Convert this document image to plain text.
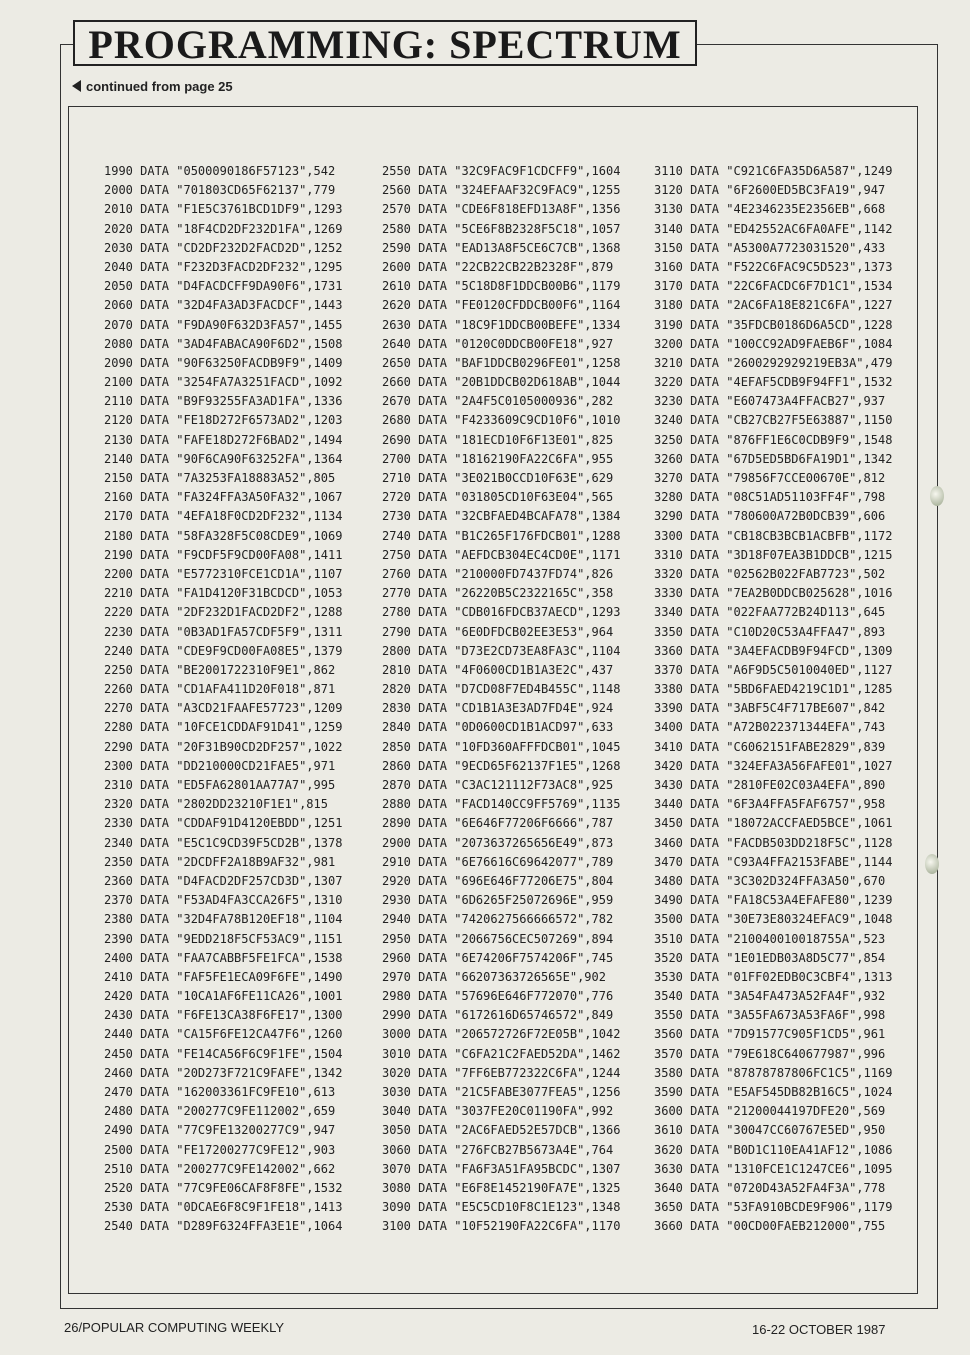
PROGRAMMING: SPECTRUM
continued from page 25
1990 DATA "0500090186F57123",542
2000 DATA "701803CD65F62137",779
2010 DATA "F1E5C3761BCD1DF9",1293
2020 DATA "18F4CD2DF232D1FA",1269
2030 DATA "CD2DF232D2FACD2D",1252
2040 DATA "F232D3FACD2DF232",1295
2050 DATA "D4FACDCFF9DA90F6",1731
2060 DATA "32D4FA3AD3FACDCF",1443
2070 DATA "F9DA90F632D3FA57",1455
2080 DATA "3AD4FABACA90F6D2",1508
2090 DATA "90F63250FACDB9F9",1409
2100 DATA "3254FA7A3251FACD",1092
2110 DATA "B9F93255FA3AD1FA",1336
2120 DATA "FE18D272F6573AD2",1203
2130 DATA "FAFE18D272F6BAD2",1494
2140 DATA "90F6CA90F63252FA",1364
2150 DATA "7A3253FA18883A52",805
2160 DATA "FA324FFA3A50FA32",1067
2170 DATA "4EFA18F0CD2DF232",1134
2180 DATA "58FA328F5C08CDE9",1069
2190 DATA "F9CDF5F9CD00FA08",1411
2200 DATA "E5772310FCE1CD1A",1107
2210 DATA "FA1D4120F31BCDCD",1053
2220 DATA "2DF232D1FACD2DF2",1288
2230 DATA "0B3AD1FA57CDF5F9",1311
2240 DATA "CDE9F9CD00FA08E5",1379
2250 DATA "BE2001722310F9E1",862
2260 DATA "CD1AFA411D20F018",871
2270 DATA "A3CD21FAAFE57723",1209
2280 DATA "10FCE1CDDAF91D41",1259
2290 DATA "20F31B90CD2DF257",1022
2300 DATA "DD210000CD21FAE5",971
2310 DATA "ED5FA62801AA77A7",995
2320 DATA "2802DD23210F1E1",815
2330 DATA "CDDAF91D4120EBDD",1251
2340 DATA "E5C1C9CD39F5CD2B",1378
2350 DATA "2DCDFF2A18B9AF32",981
2360 DATA "D4FACD2DF257CD3D",1307
2370 DATA "F53AD4FA3CCA26F5",1310
2380 DATA "32D4FA78B120EF18",1104
2390 DATA "9EDD218F5CF53AC9",1151
2400 DATA "FAA7CABBF5FE1FCA",1538
2410 DATA "FAF5FE1ECA09F6FE",1490
2420 DATA "10CA1AF6FE11CA26",1001
2430 DATA "F6FE13CA38F6FE17",1300
2440 DATA "CA15F6FE12CA47F6",1260
2450 DATA "FE14CA56F6C9F1FE",1504
2460 DATA "20D273F721C9FAFE",1342
2470 DATA "162003361FC9FE10",613
2480 DATA "200277C9FE112002",659
2490 DATA "77C9FE13200277C9",947
2500 DATA "FE17200277C9FE12",903
2510 DATA "200277C9FE142002",662
2520 DATA "77C9FE06CAF8F8FE",1532
2530 DATA "0DCAE6F8C9F1FE18",1413
2540 DATA "D289F6324FFA3E1E",1064
2550 DATA "32C9FAC9F1CDCFF9",1604
2560 DATA "324EFAAF32C9FAC9",1255
2570 DATA "CDE6F818EFD13A8F",1356
2580 DATA "5CE6F8B2328F5C18",1057
2590 DATA "EAD13A8F5CE6C7CB",1368
2600 DATA "22CB22CB22B2328F",879
2610 DATA "5C18D8F1DDCB00B6",1179
2620 DATA "FE0120CFDDCB00F6",1164
2630 DATA "18C9F1DDCB00BEFE",1334
2640 DATA "0120C0DDCB00FE18",927
2650 DATA "BAF1DDCB0296FE01",1258
2660 DATA "20B1DDCB02D618AB",1044
2670 DATA "2A4F5C0105000936",282
2680 DATA "F4233609C9CD10F6",1010
2690 DATA "181ECD10F6F13E01",825
2700 DATA "18162190FA22C6FA",955
2710 DATA "3E021B0CCD10F63E",629
2720 DATA "031805CD10F63E04",565
2730 DATA "32CBFAED4BCAFA78",1384
2740 DATA "B1C265F176FDCB01",1288
2750 DATA "AEFDCB304EC4CD0E",1171
2760 DATA "210000FD7437FD74",826
2770 DATA "26220B5C2322165C",358
2780 DATA "CDB016FDCB37AECD",1293
2790 DATA "6E0DFDCB02EE3E53",964
2800 DATA "D73E2CD73EA8FA3C",1104
2810 DATA "4F0600CD1B1A3E2C",437
2820 DATA "D7CD08F7ED4B455C",1148
2830 DATA "CD1B1A3E3AD7FD4E",924
2840 DATA "0D0600CD1B1ACD97",633
2850 DATA "10FD360AFFFDCB01",1045
2860 DATA "9ECD65F62137F1E5",1268
2870 DATA "C3AC121112F73AC8",925
2880 DATA "FACD140CC9FF5769",1135
2890 DATA "6E646F77206F6666",787
2900 DATA "2073637265656E49",873
2910 DATA "6E76616C69642077",789
2920 DATA "696E646F77206E75",804
2930 DATA "6D6265F25072696E",959
2940 DATA "7420627566666572",782
2950 DATA "2066756CEC507269",894
2960 DATA "6E74206F7574206F",745
2970 DATA "66207363726565E",902
2980 DATA "57696E646F772070",776
2990 DATA "6172616D65746572",849
3000 DATA "206572726F72E05B",1042
3010 DATA "C6FA21C2FAED52DA",1462
3020 DATA "7FF6EB772322C6FA",1244
3030 DATA "21C5FABE3077FEA5",1256
3040 DATA "3037FE20C01190FA",992
3050 DATA "2AC6FAED52E57DCB",1366
3060 DATA "276FCB27B5673A4E",764
3070 DATA "FA6F3A51FA95BCDC",1307
3080 DATA "E6F8E1452190FA7E",1325
3090 DATA "E5C5CD10F8C1E123",1348
3100 DATA "10F52190FA22C6FA",1170
3110 DATA "C921C6FA35D6A587",1249
3120 DATA "6F2600ED5BC3FA19",947
3130 DATA "4E2346235E2356EB",668
3140 DATA "ED42552AC6FA0AFE",1142
3150 DATA "A5300A7723031520",433
3160 DATA "F522C6FAC9C5D523",1373
3170 DATA "22C6FACDC6F7D1C1",1534
3180 DATA "2AC6FA18E821C6FA",1227
3190 DATA "35FDCB0186D6A5CD",1228
3200 DATA "100CC92AD9FAEB6F",1084
3210 DATA "2600292929219EB3A",479
3220 DATA "4EFAF5CDB9F94FF1",1532
3230 DATA "E607473A4FFACB27",937
3240 DATA "CB27CB27F5E63887",1150
3250 DATA "876FF1E6C0CDB9F9",1548
3260 DATA "67D5ED5BD6FA19D1",1342
3270 DATA "79856F7CCE00670E",812
3280 DATA "08C51AD51103FF4F",798
3290 DATA "780600A72B0DCB39",606
3300 DATA "CB18CB3BCB1ACBFB",1172
3310 DATA "3D18F07EA3B1DDCB",1215
3320 DATA "02562B022FAB7723",502
3330 DATA "7EA2B0DDCB025628",1016
3340 DATA "022FAA772B24D113",645
3350 DATA "C10D20C53A4FFA47",893
3360 DATA "3A4EFACDB9F94FCD",1309
3370 DATA "A6F9D5C5010040ED",1127
3380 DATA "5BD6FAED4219C1D1",1285
3390 DATA "3ABF5C4F717BE607",842
3400 DATA "A72B022371344EFA",743
3410 DATA "C6062151FABE2829",839
3420 DATA "324EFA3A56FAFE01",1027
3430 DATA "2810FE02C03A4EFA",890
3440 DATA "6F3A4FFA5FAF6757",958
3450 DATA "18072ACCFAED5BCE",1061
3460 DATA "FACDB503DD218F5C",1128
3470 DATA "C93A4FFA2153FABE",1144
3480 DATA "3C302D324FFA3A50",670
3490 DATA "FA18C53A4EFAFE80",1239
3500 DATA "30E73E80324EFAC9",1048
3510 DATA "210040010018755A",523
3520 DATA "1E01EDB03A8D5C77",854
3530 DATA "01FF02EDB0C3CBF4",1313
3540 DATA "3A54FA473A52FA4F",932
3550 DATA "3A55FA673A53FA6F",998
3560 DATA "7D91577C905F1CD5",961
3570 DATA "79E618C640677987",996
3580 DATA "87878787806FC1C5",1169
3590 DATA "E5AF545DB82B16C5",1024
3600 DATA "21200044197DFE20",569
3610 DATA "30047CC60767E5ED",950
3620 DATA "B0D1C110EA41AF12",1086
3630 DATA "1310FCE1C1247CE6",1095
3640 DATA "0720D43A52FA4F3A",778
3650 DATA "53FA910BCDE9F906",1179
3660 DATA "00CD00FAEB212000",755
26/POPULAR COMPUTING WEEKLY	16-22 OCTOBER 1987
